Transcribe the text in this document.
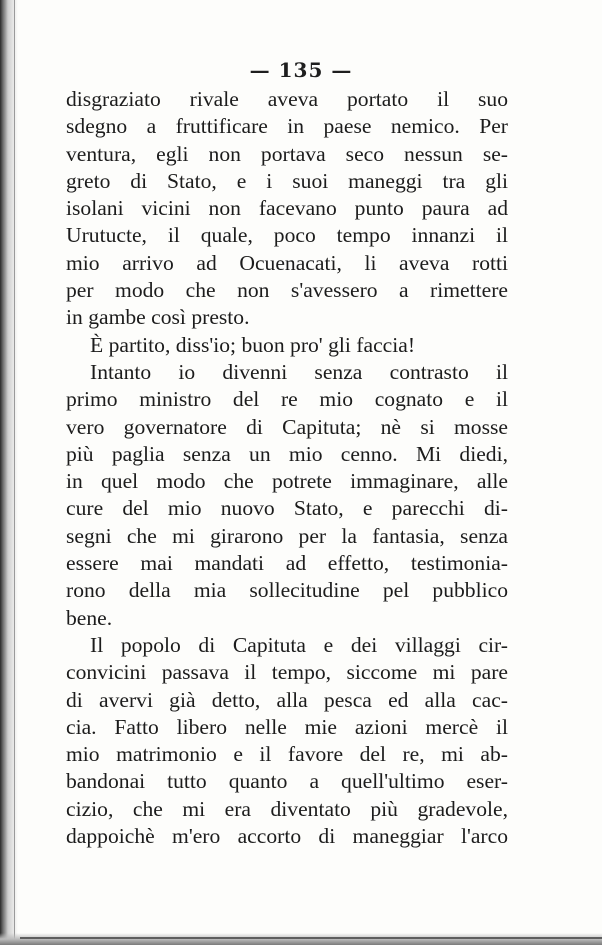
— 135 —
disgraziato rivale aveva portato il suo
sdegno a fruttificare in paese nemico. Per
ventura, egli non portava seco nessun se-
greto di Stato, e i suoi maneggi tra gli
isolani vicini non facevano punto paura ad
Urutucte, il quale, poco tempo innanzi il
mio arrivo ad Ocuenacati, li aveva rotti
per modo che non s'avessero a rimettere
in gambe così presto.
È partito, diss'io; buon pro' gli faccia!
Intanto io divenni senza contrasto il
primo ministro del re mio cognato e il
vero governatore di Capituta; nè si mosse
più paglia senza un mio cenno. Mi diedi,
in quel modo che potrete immaginare, alle
cure del mio nuovo Stato, e parecchi di-
segni che mi girarono per la fantasia, senza
essere mai mandati ad effetto, testimonia-
rono della mia sollecitudine pel pubblico
bene.
Il popolo di Capituta e dei villaggi cir-
convicini passava il tempo, siccome mi pare
di avervi già detto, alla pesca ed alla cac-
cia. Fatto libero nelle mie azioni mercè il
mio matrimonio e il favore del re, mi ab-
bandonai tutto quanto a quell'ultimo eser-
cizio, che mi era diventato più gradevole,
dappoichè m'ero accorto di maneggiar l'arco
